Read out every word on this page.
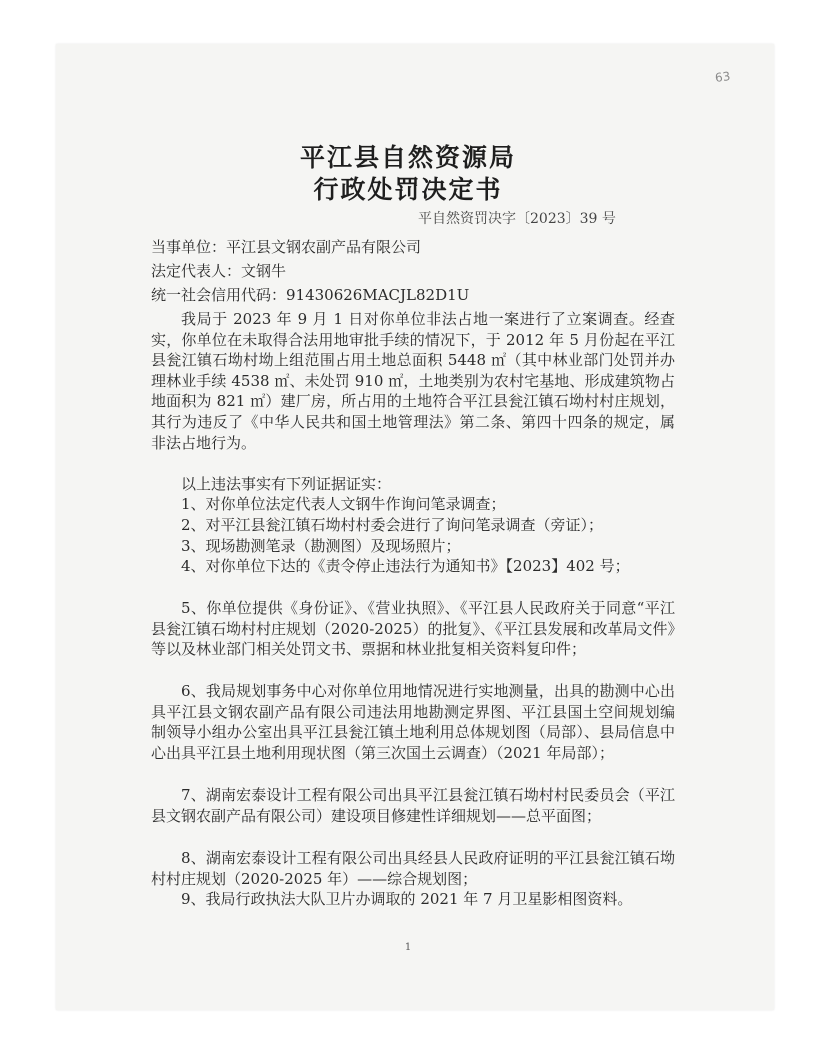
63
平江县自然资源局
行政处罚决定书

平自然资罚决字〔2023〕39 号

当事单位：平江县文钢农副产品有限公司

法定代表人：文钢牛

统一社会信用代码：91430626MACJL82D1U

我局于 2023 年 9 月 1 日对你单位非法占地一案进行了立案调查。经查实，你单位在未取得合法用地审批手续的情况下，于 2012 年 5 月份起在平江县瓮江镇石坳村坳上组范围占用土地总面积 5448 ㎡（其中林业部门处罚并办理林业手续 4538 ㎡、未处罚 910 ㎡，土地类别为农村宅基地、形成建筑物占地面积为 821 ㎡）建厂房，所占用的土地符合平江县瓮江镇石坳村村庄规划，其行为违反了《中华人民共和国土地管理法》第二条、第四十四条的规定，属非法占地行为。

以上违法事实有下列证据证实：

1、对你单位法定代表人文钢牛作询问笔录调查；

2、对平江县瓮江镇石坳村村委会进行了询问笔录调查（旁证）；

3、现场勘测笔录（勘测图）及现场照片；

4、对你单位下达的《责令停止违法行为通知书》【2023】402 号；

5、你单位提供《身份证》、《营业执照》、《平江县人民政府关于同意“平江县瓮江镇石坳村村庄规划（2020-2025）的批复》、《平江县发展和改革局文件》等以及林业部门相关处罚文书、票据和林业批复相关资料复印件；

6、我局规划事务中心对你单位用地情况进行实地测量，出具的勘测中心出具平江县文钢农副产品有限公司违法用地勘测定界图、平江县国土空间规划编制领导小组办公室出具平江县瓮江镇土地利用总体规划图（局部）、县局信息中心出具平江县土地利用现状图（第三次国土云调查）（2021 年局部）；

7、湖南宏泰设计工程有限公司出具平江县瓮江镇石坳村村民委员会（平江县文钢农副产品有限公司）建设项目修建性详细规划——总平面图；

8、湖南宏泰设计工程有限公司出具经县人民政府证明的平江县瓮江镇石坳村村庄规划（2020-2025 年）——综合规划图；

9、我局行政执法大队卫片办调取的 2021 年 7 月卫星影相图资料。

1
